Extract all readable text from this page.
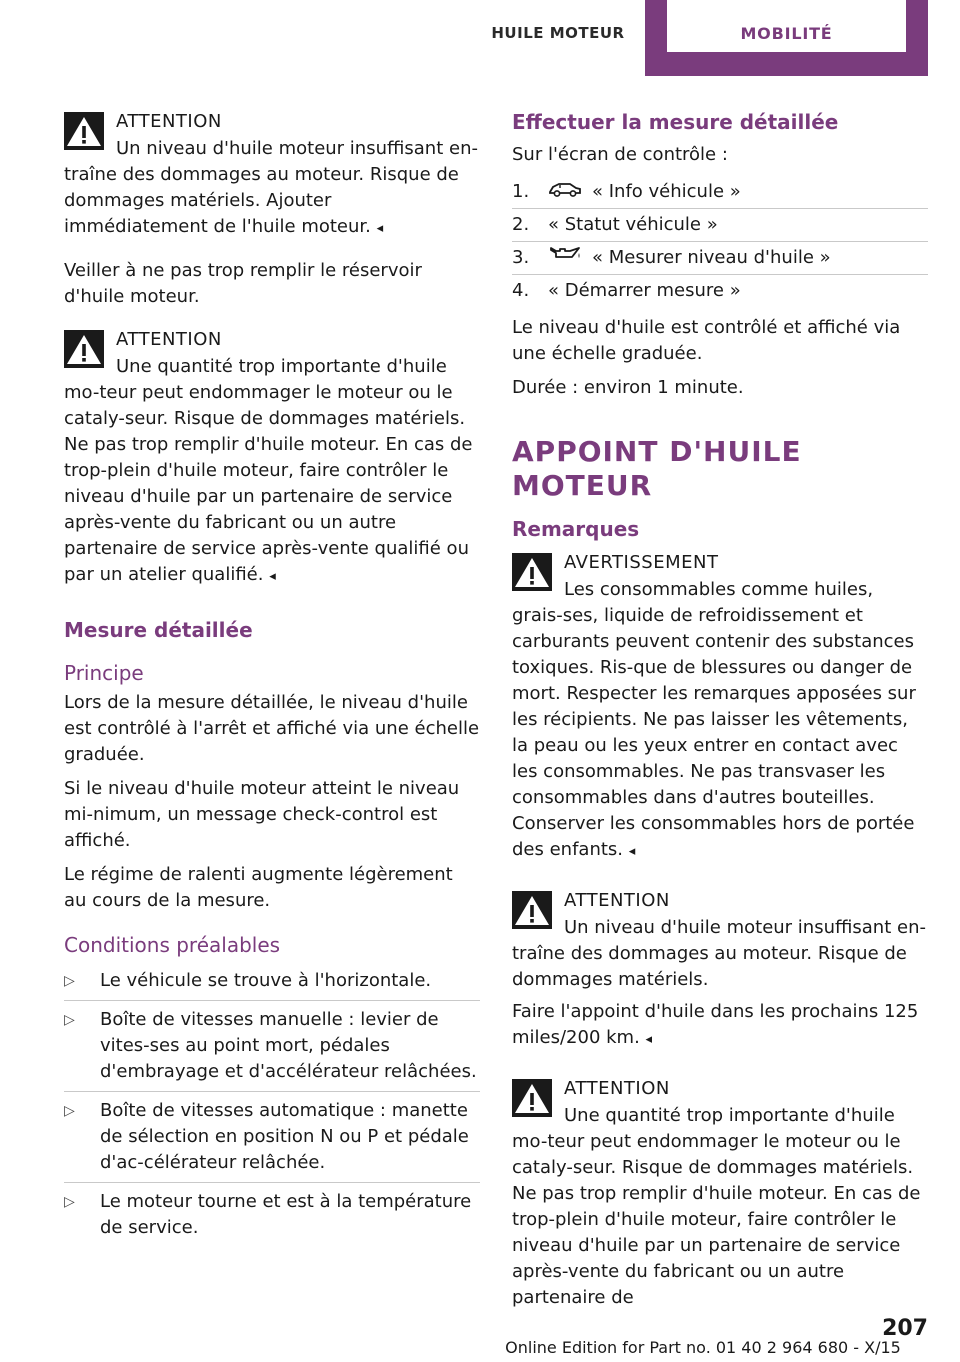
HUILE MOTEUR	MOBILITÉ
ATTENTION

Un niveau d'huile moteur insuffisant en-traîne des dommages au moteur. Risque de dommages matériels. Ajouter immédiatement de l'huile moteur. ◂

Veiller à ne pas trop remplir le réservoir d'huile moteur.

ATTENTION

Une quantité trop importante d'huile mo-teur peut endommager le moteur ou le cataly-seur. Risque de dommages matériels. Ne pas trop remplir d'huile moteur. En cas de trop-plein d'huile moteur, faire contrôler le niveau d'huile par un partenaire de service après-vente du fabricant ou un autre partenaire de service après-vente qualifié ou par un atelier qualifié. ◂

Mesure détaillée
Principe

Lors de la mesure détaillée, le niveau d'huile est contrôlé à l'arrêt et affiché via une échelle graduée.

Si le niveau d'huile moteur atteint le niveau mi-nimum, un message check-control est affiché.

Le régime de ralenti augmente légèrement au cours de la mesure.

Conditions préalables
▷ Le véhicule se trouve à l'horizontale.
▷ Boîte de vitesses manuelle : levier de vites-ses au point mort, pédales d'embrayage et d'accélérateur relâchées.
▷ Boîte de vitesses automatique : manette de sélection en position N ou P et pédale d'ac-célérateur relâchée.
▷ Le moteur tourne et est à la température de service.
Effectuer la mesure détaillée

Sur l'écran de contrôle :

1.	« Info véhicule »
2. « Statut véhicule »
3.	« Mesurer niveau d'huile »
4. « Démarrer mesure »

Le niveau d'huile est contrôlé et affiché via une échelle graduée.

Durée : environ 1 minute.

APPOINT D'HUILE MOTEUR
Remarques
AVERTISSEMENT

Les consommables comme huiles, grais-ses, liquide de refroidissement et carburants peuvent contenir des substances toxiques. Ris-que de blessures ou danger de mort. Respecter les remarques apposées sur les récipients. Ne pas laisser les vêtements, la peau ou les yeux entrer en contact avec les consommables. Ne pas transvaser les consommables dans d'autres bouteilles. Conserver les consommables hors de portée des enfants. ◂

ATTENTION

Un niveau d'huile moteur insuffisant en-traîne des dommages au moteur. Risque de dommages matériels.

Faire l'appoint d'huile dans les prochains 125 miles/200 km. ◂

ATTENTION

Une quantité trop importante d'huile mo-teur peut endommager le moteur ou le cataly-seur. Risque de dommages matériels. Ne pas trop remplir d'huile moteur. En cas de trop-plein d'huile moteur, faire contrôler le niveau d'huile par un partenaire de service après-vente du fabricant ou un autre partenaire de

207
Online Edition for Part no. 01 40 2 964 680 - X/15
